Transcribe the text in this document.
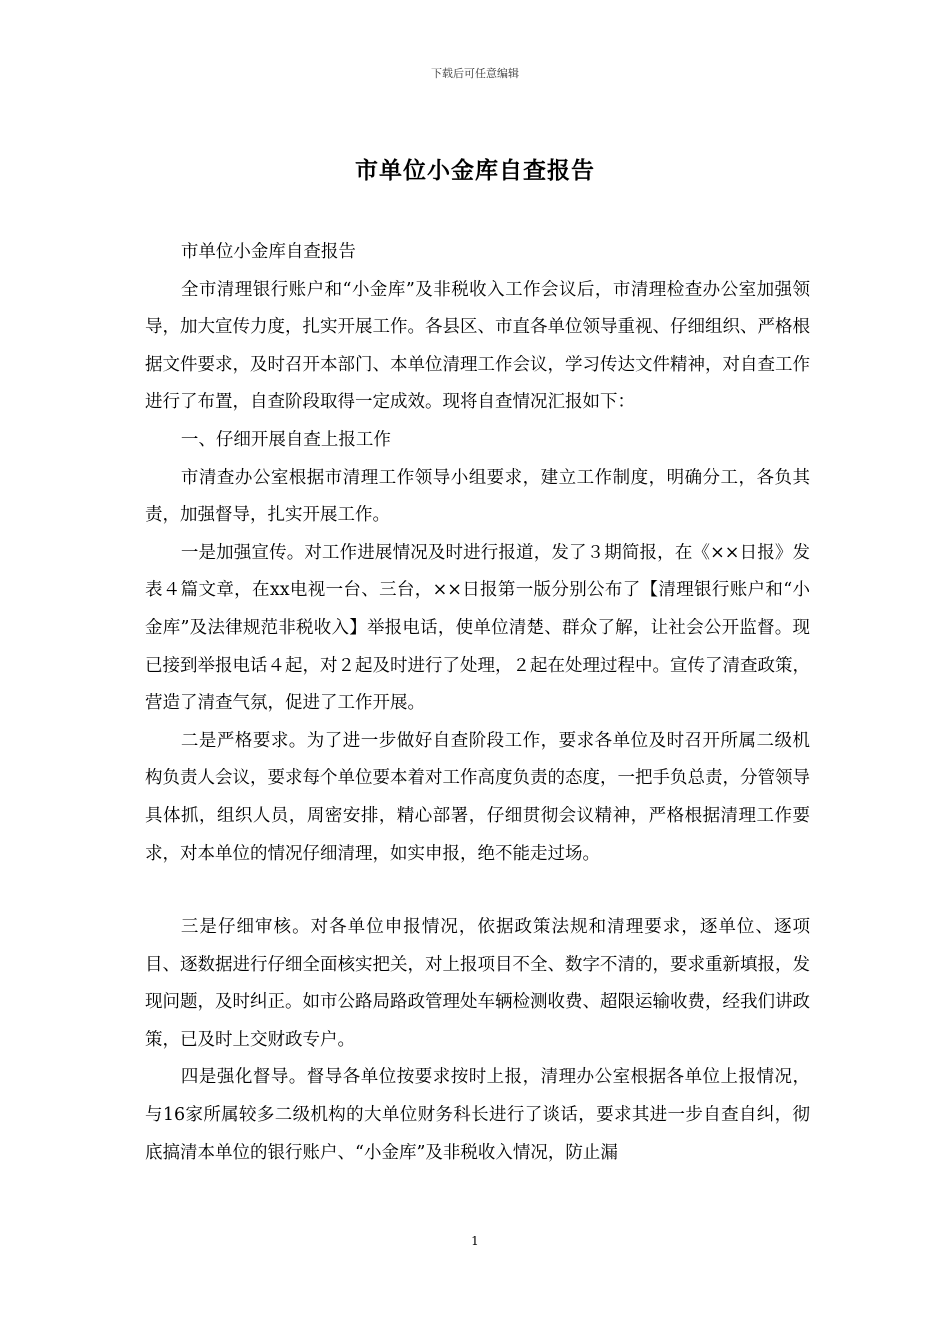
下载后可任意编辑
市单位小金库自查报告

市单位小金库自查报告

全市清理银行账户和“小金库”及非税收入工作会议后，市清理检查办公室加强领导，加大宣传力度，扎实开展工作。各县区、市直各单位领导重视、仔细组织、严格根据文件要求，及时召开本部门、本单位清理工作会议，学习传达文件精神，对自查工作进行了布置，自查阶段取得一定成效。现将自查情况汇报如下：

一、仔细开展自查上报工作

市清查办公室根据市清理工作领导小组要求，建立工作制度，明确分工，各负其责，加强督导，扎实开展工作。

一是加强宣传。对工作进展情况及时进行报道，发了３期简报，在《××日报》发表４篇文章，在xx电视一台、三台，××日报第一版分别公布了【清理银行账户和“小金库”及法律规范非税收入】举报电话，使单位清楚、群众了解，让社会公开监督。现已接到举报电话４起，对２起及时进行了处理，２起在处理过程中。宣传了清查政策，营造了清查气氛，促进了工作开展。

二是严格要求。为了进一步做好自查阶段工作，要求各单位及时召开所属二级机构负责人会议，要求每个单位要本着对工作高度负责的态度，一把手负总责，分管领导具体抓，组织人员，周密安排，精心部署，仔细贯彻会议精神，严格根据清理工作要求，对本单位的情况仔细清理，如实申报，绝不能走过场。

三是仔细审核。对各单位申报情况，依据政策法规和清理要求，逐单位、逐项目、逐数据进行仔细全面核实把关，对上报项目不全、数字不清的，要求重新填报，发现问题，及时纠正。如市公路局路政管理处车辆检测收费、超限运输收费，经我们讲政策，已及时上交财政专户。

四是强化督导。督导各单位按要求按时上报，清理办公室根据各单位上报情况，与16家所属较多二级机构的大单位财务科长进行了谈话，要求其进一步自查自纠，彻底搞清本单位的银行账户、“小金库”及非税收入情况，防止漏

1
